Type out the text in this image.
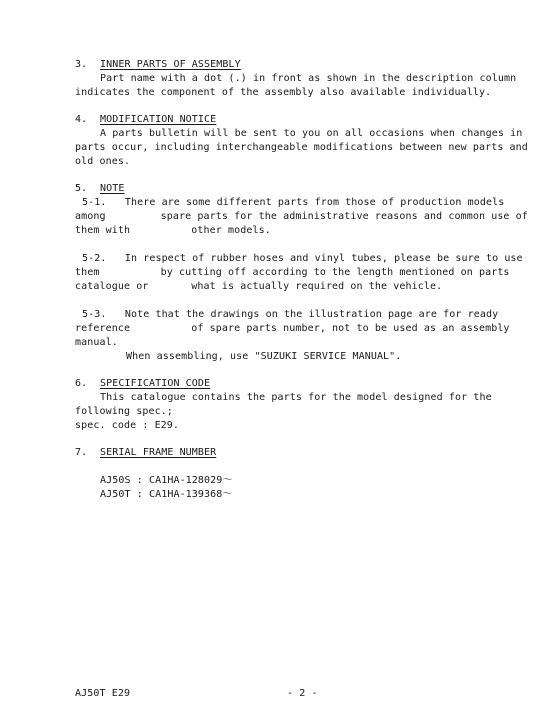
3. INNER PARTS OF ASSEMBLY
Part name with a dot (.) in front as shown in the description column
indicates the component of the assembly also available individually.
4. MODIFICATION NOTICE
A parts bulletin will be sent to you on all occasions when changes in
parts occur, including interchangeable modifications between new parts and
old ones.
5. NOTE
5-1.   There are some different parts from those of production models
among         spare parts for the administrative reasons and common use of
them with          other models.
5-2.   In respect of rubber hoses and vinyl tubes, please be sure to use
them          by cutting off according to the length mentioned on parts
catalogue or       what is actually required on the vehicle.
5-3.   Note that the drawings on the illustration page are for ready
reference          of spare parts number, not to be used as an assembly
manual.
When assembling, use "SUZUKI SERVICE MANUAL".
6. SPECIFICATION CODE
This catalogue contains the parts for the model designed for the
following spec.;
spec. code : E29.
7. SERIAL FRAME NUMBER
AJ50S : CA1HA-128029～
AJ50T : CA1HA-139368～
AJ50T E29	- 2 -
